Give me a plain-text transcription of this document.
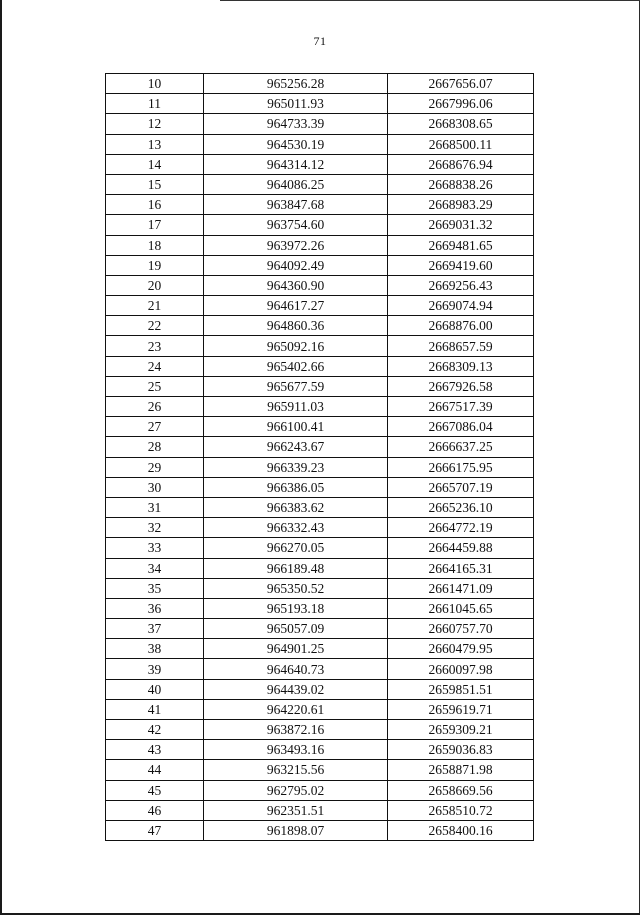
71
10	965256.28	2667656.07
11	965011.93	2667996.06
12	964733.39	2668308.65
13	964530.19	2668500.11
14	964314.12	2668676.94
15	964086.25	2668838.26
16	963847.68	2668983.29
17	963754.60	2669031.32
18	963972.26	2669481.65
19	964092.49	2669419.60
20	964360.90	2669256.43
21	964617.27	2669074.94
22	964860.36	2668876.00
23	965092.16	2668657.59
24	965402.66	2668309.13
25	965677.59	2667926.58
26	965911.03	2667517.39
27	966100.41	2667086.04
28	966243.67	2666637.25
29	966339.23	2666175.95
30	966386.05	2665707.19
31	966383.62	2665236.10
32	966332.43	2664772.19
33	966270.05	2664459.88
34	966189.48	2664165.31
35	965350.52	2661471.09
36	965193.18	2661045.65
37	965057.09	2660757.70
38	964901.25	2660479.95
39	964640.73	2660097.98
40	964439.02	2659851.51
41	964220.61	2659619.71
42	963872.16	2659309.21
43	963493.16	2659036.83
44	963215.56	2658871.98
45	962795.02	2658669.56
46	962351.51	2658510.72
47	961898.07	2658400.16
